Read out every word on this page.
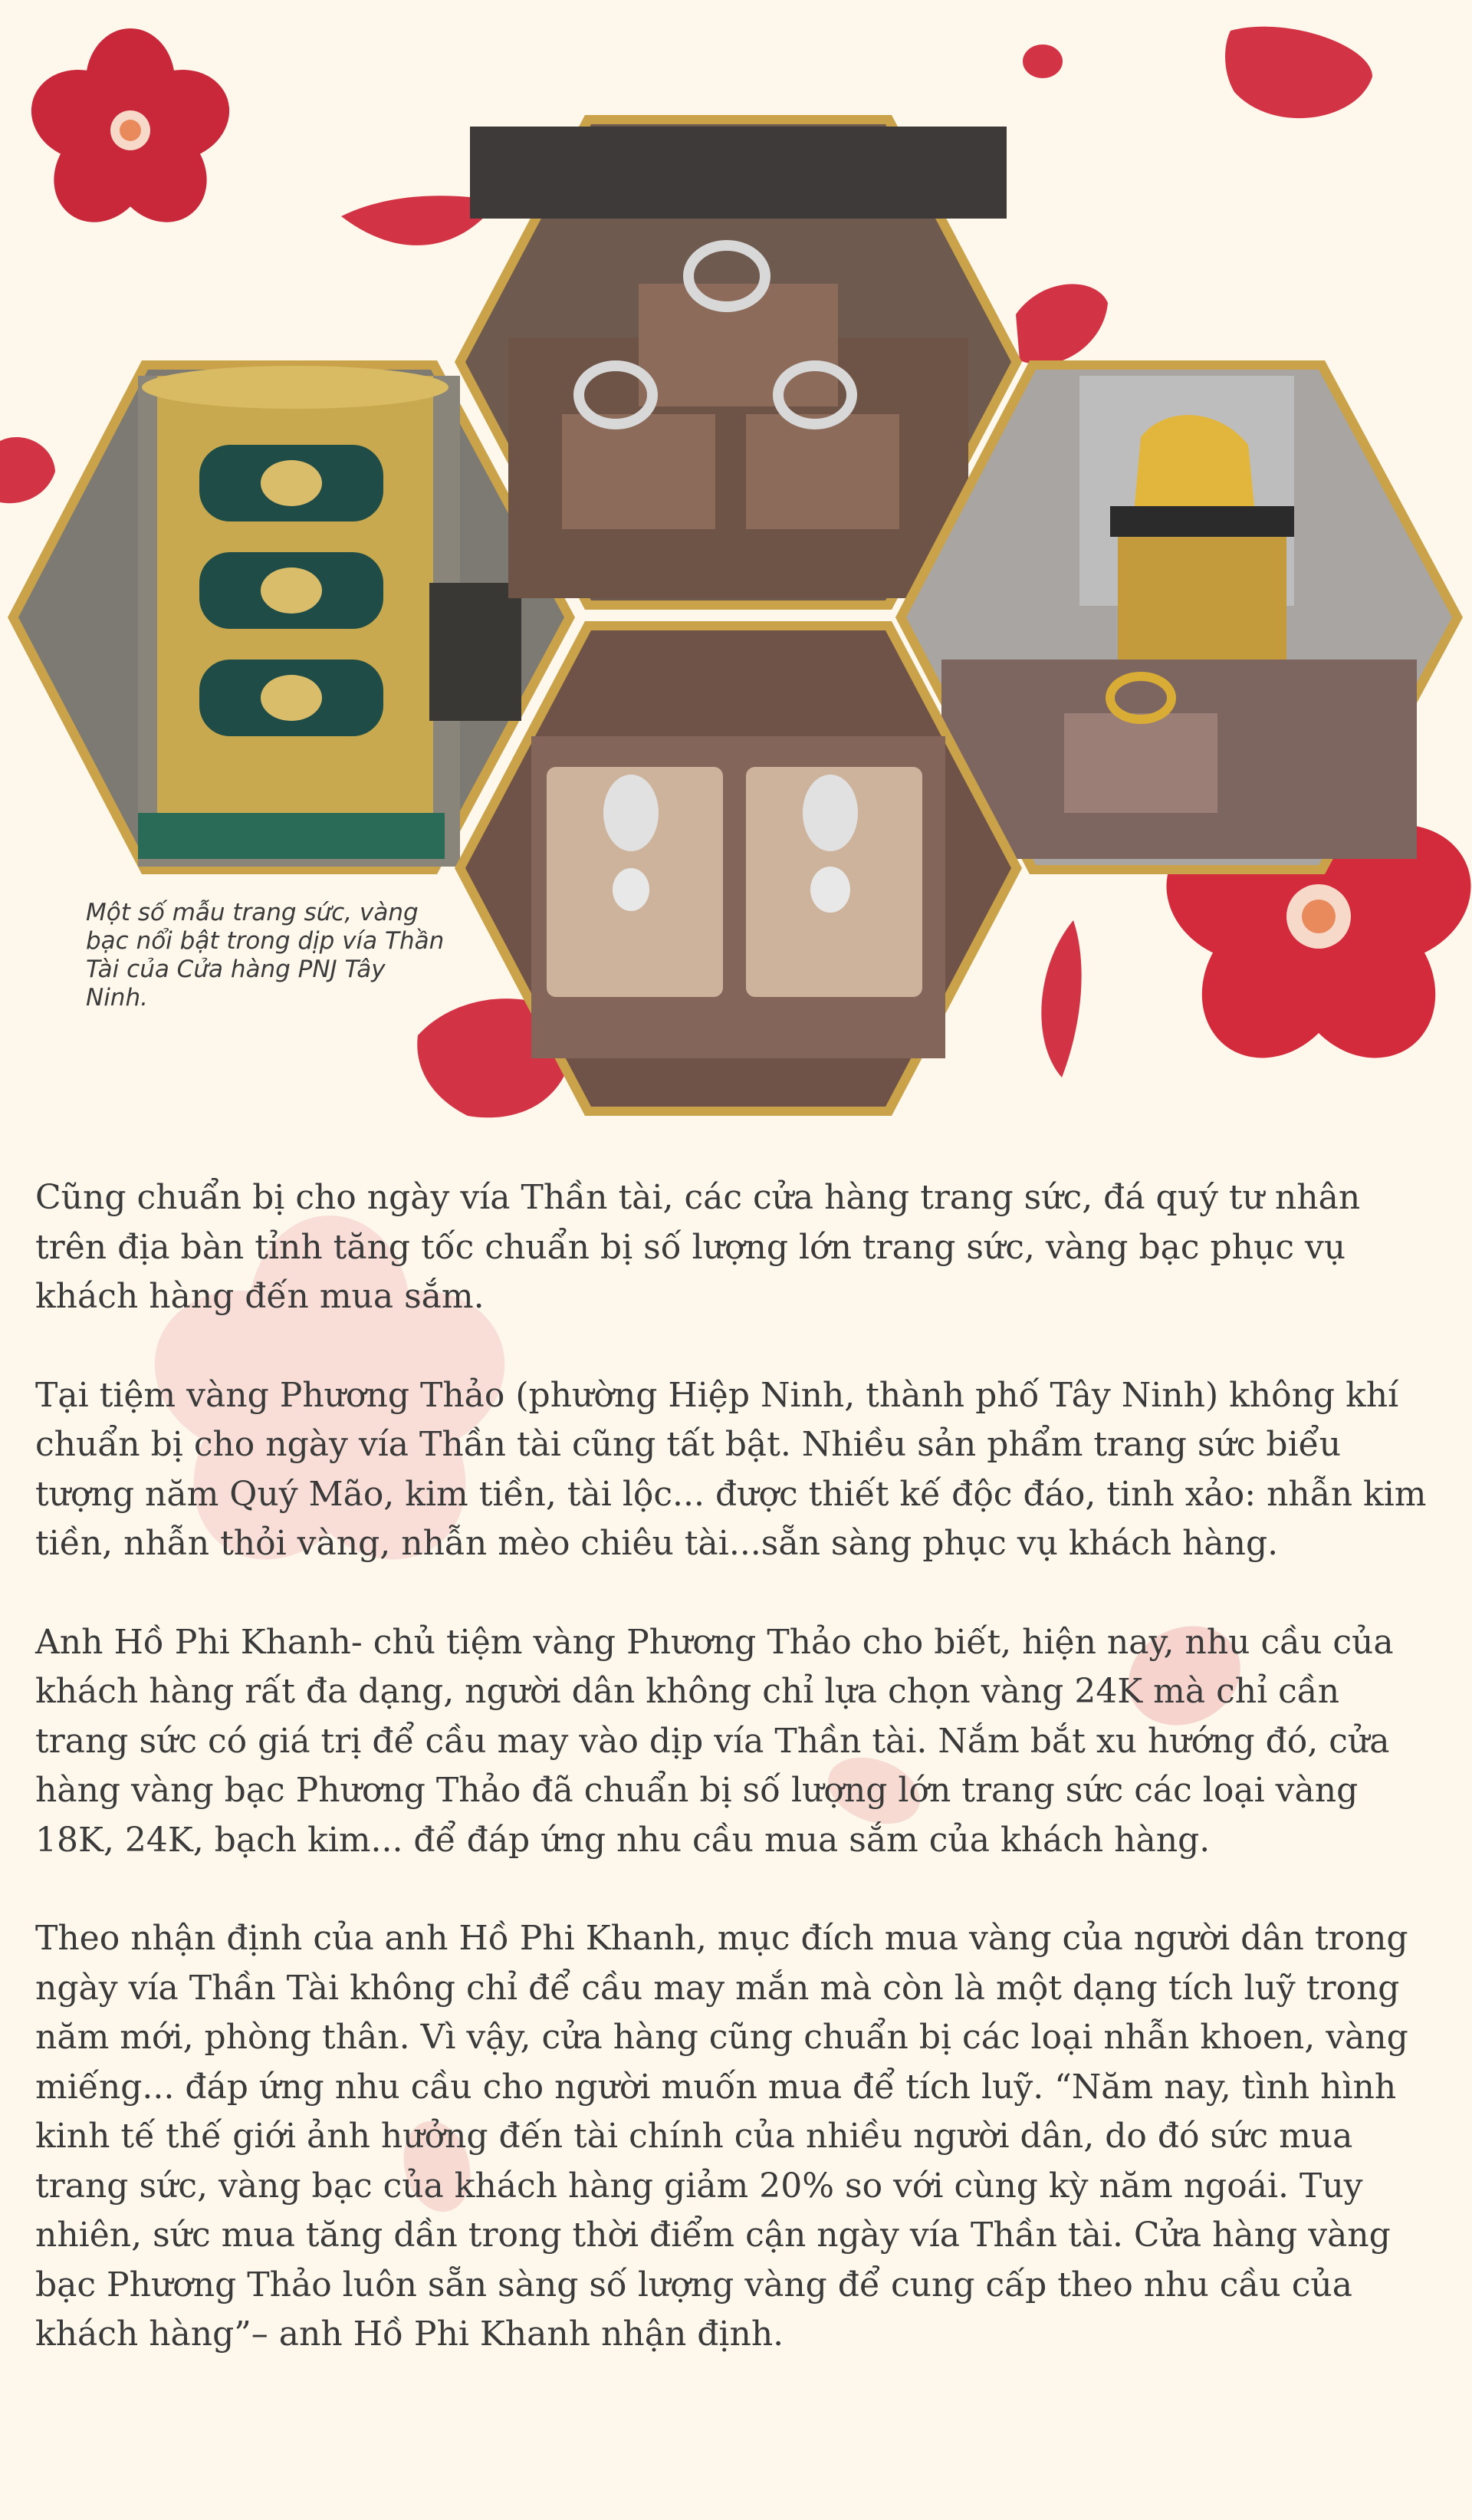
Một số mẫu trang sức, vàng bạc nổi bật trong dịp vía Thần Tài của Cửa hàng PNJ Tây Ninh.

Cũng chuẩn bị cho ngày vía Thần tài, các cửa hàng trang sức, đá quý tư nhân trên địa bàn tỉnh tăng tốc chuẩn bị số lượng lớn trang sức, vàng bạc phục vụ khách hàng đến mua sắm.

Tại tiệm vàng Phương Thảo (phường Hiệp Ninh, thành phố Tây Ninh) không khí chuẩn bị cho ngày vía Thần tài cũng tất bật. Nhiều sản phẩm trang sức biểu tượng năm Quý Mão, kim tiền, tài lộc... được thiết kế độc đáo, tinh xảo: nhẫn kim tiền, nhẫn thỏi vàng, nhẫn mèo chiêu tài...sẵn sàng phục vụ khách hàng.

Anh Hồ Phi Khanh- chủ tiệm vàng Phương Thảo cho biết, hiện nay, nhu cầu của khách hàng rất đa dạng, người dân không chỉ lựa chọn vàng 24K mà chỉ cần trang sức có giá trị để cầu may vào dịp vía Thần tài. Nắm bắt xu hướng đó, cửa hàng vàng bạc Phương Thảo đã chuẩn bị số lượng lớn trang sức các loại vàng 18K, 24K, bạch kim... để đáp ứng nhu cầu mua sắm của khách hàng.

Theo nhận định của anh Hồ Phi Khanh, mục đích mua vàng của người dân trong ngày vía Thần Tài không chỉ để cầu may mắn mà còn là một dạng tích luỹ trong năm mới, phòng thân. Vì vậy, cửa hàng cũng chuẩn bị các loại nhẫn khoen, vàng miếng... đáp ứng nhu cầu cho người muốn mua để tích luỹ. “Năm nay, tình hình kinh tế thế giới ảnh hưởng đến tài chính của nhiều người dân, do đó sức mua trang sức, vàng bạc của khách hàng giảm 20% so với cùng kỳ năm ngoái. Tuy nhiên, sức mua tăng dần trong thời điểm cận ngày vía Thần tài. Cửa hàng vàng bạc Phương Thảo luôn sẵn sàng số lượng vàng để cung cấp theo nhu cầu của khách hàng”– anh Hồ Phi Khanh nhận định.
